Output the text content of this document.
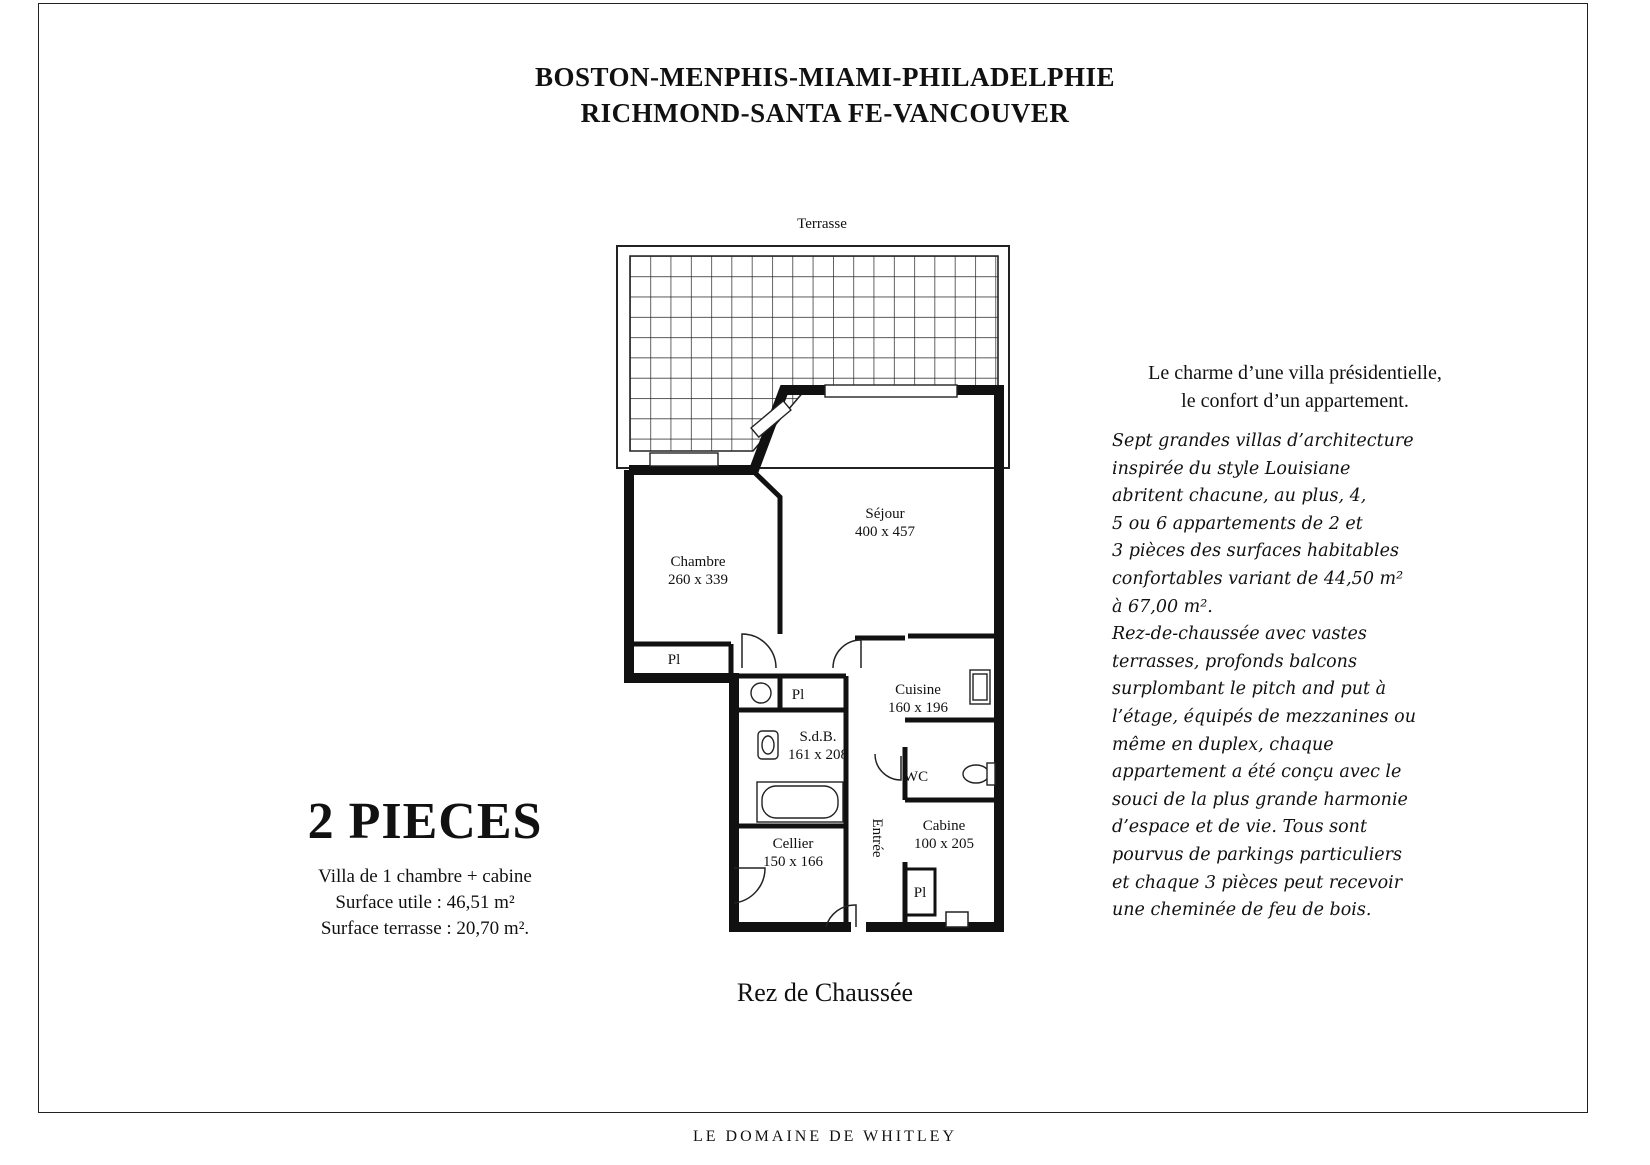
BOSTON-MENPHIS-MIAMI-PHILADELPHIE
RICHMOND-SANTA FE-VANCOUVER
Terrasse
Séjour
400 x 457
Chambre
260 x 339
Pl
Pl	Cuisine
160 x 196
S.d.B.
161 x 208
WC
Cabine
100 x 205
Cellier
150 x 166
Pl
Entrée
2 PIECES
Villa de 1 chambre + cabine
Surface utile : 46,51 m²
Surface terrasse : 20,70 m².
Rez de Chaussée
Le charme d’une villa présidentielle,
le confort d’un appartement.
Sept grandes villas d’architecture
inspirée du style Louisiane
abritent chacune, au plus, 4,
5 ou 6 appartements de 2 et
3 pièces des surfaces habitables
confortables variant de 44,50 m²
à 67,00 m².
Rez-de-chaussée avec vastes
terrasses, profonds balcons
surplombant le pitch and put à
l’étage, équipés de mezzanines ou
même en duplex, chaque
appartement a été conçu avec le
souci de la plus grande harmonie
d’espace et de vie. Tous sont
pourvus de parkings particuliers
et chaque 3 pièces peut recevoir
une cheminée de feu de bois.
LE DOMAINE DE WHITLEY
